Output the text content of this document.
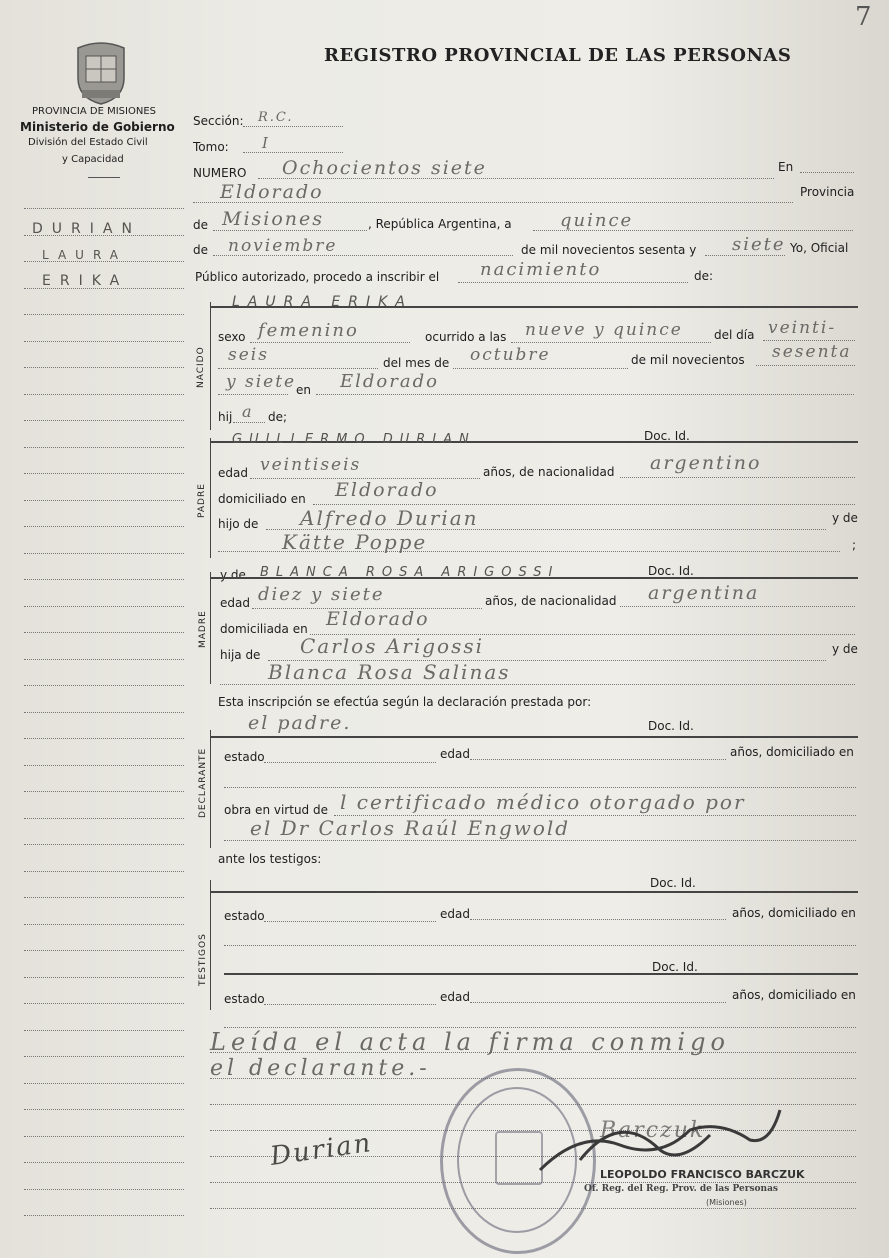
7
REGISTRO PROVINCIAL DE LAS PERSONAS
PROVINCIA DE MISIONES
Ministerio de Gobierno
División del Estado Civil
y Capacidad
DURIAN
LAURA
ERIKA
Sección: R.C.
Tomo: I
NUMERO Ochocientos siete	En
Eldorado	Provincia
de Misiones	, República Argentina, a	quince
de noviembre	de mil novecientos sesenta y siete Yo, Oficial
Público autorizado, procedo a inscribir el nacimiento	de:
NACIDO
LAURA ERIKA
sexo femenino	ocurrido a las nueve y quince	del día veinti-
seis	del mes de octubre	de mil novecientos sesenta
y siete en Eldorado
hij a de;
PADRE
GUILLERMO DURIAN	Doc. Id.
edad veintiseis	años, de nacionalidad argentino
domiciliado en Eldorado
hijo de Alfredo Durian	y de
Kätte Poppe	;
MADRE
y de BLANCA ROSA ARIGOSSI	Doc. Id.
edad diez y siete	años, de nacionalidad argentina
domiciliada en Eldorado
hija de Carlos Arigossi	y de
Blanca Rosa Salinas
Esta inscripción se efectúa según la declaración prestada por:
DECLARANTE
el padre.	Doc. Id.
estado	edad	años, domiciliado en
obra en virtud de l certificado médico otorgado por
el Dr Carlos Raúl Engwold
ante los testigos:
TESTIGOS
Doc. Id.
estado	edad	años, domiciliado en
Doc. Id.
estado	edad	años, domiciliado en
Leída el acta la firma conmigo
el declarante.-
Durian	Barczuk
LEOPOLDO FRANCISCO BARCZUK
Of. Reg. del Reg. Prov. de las Personas
(Misiones)
